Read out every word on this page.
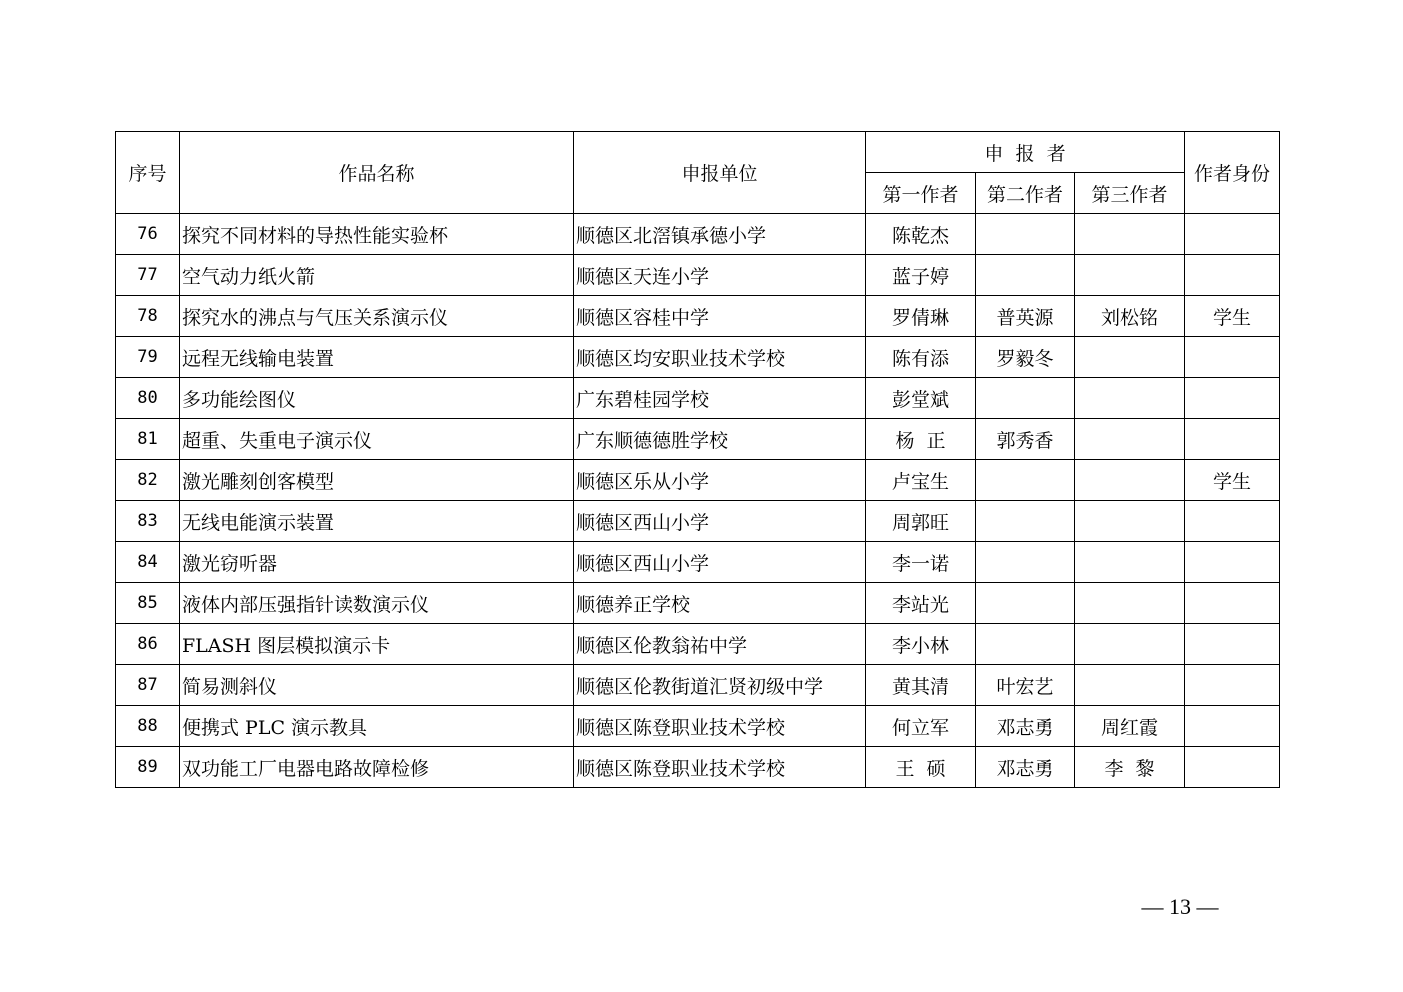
序号	作品名称	申报单位	申  报  者			作者身份
			第一作者	第二作者	第三作者	
76	探究不同材料的导热性能实验杯	顺德区北滘镇承德小学	陈乾杰			
77	空气动力纸火箭	顺德区天连小学	蓝子婷			
78	探究水的沸点与气压关系演示仪	顺德区容桂中学	罗倩琳	普英源	刘松铭	学生
79	远程无线输电装置	顺德区均安职业技术学校	陈有添	罗毅冬		
80	多功能绘图仪	广东碧桂园学校	彭堂斌			
81	超重、失重电子演示仪	广东顺德德胜学校	杨  正	郭秀香		
82	激光雕刻创客模型	顺德区乐从小学	卢宝生			学生
83	无线电能演示装置	顺德区西山小学	周郭旺			
84	激光窃听器	顺德区西山小学	李一诺			
85	液体内部压强指针读数演示仪	顺德养正学校	李站光			
86	FLASH 图层模拟演示卡	顺德区伦教翁祐中学	李小林			
87	简易测斜仪	顺德区伦教街道汇贤初级中学	黄其清	叶宏艺		
88	便携式 PLC 演示教具	顺德区陈登职业技术学校	何立军	邓志勇	周红霞	
89	双功能工厂电器电路故障检修	顺德区陈登职业技术学校	王  硕	邓志勇	李  黎	
— 13 —
